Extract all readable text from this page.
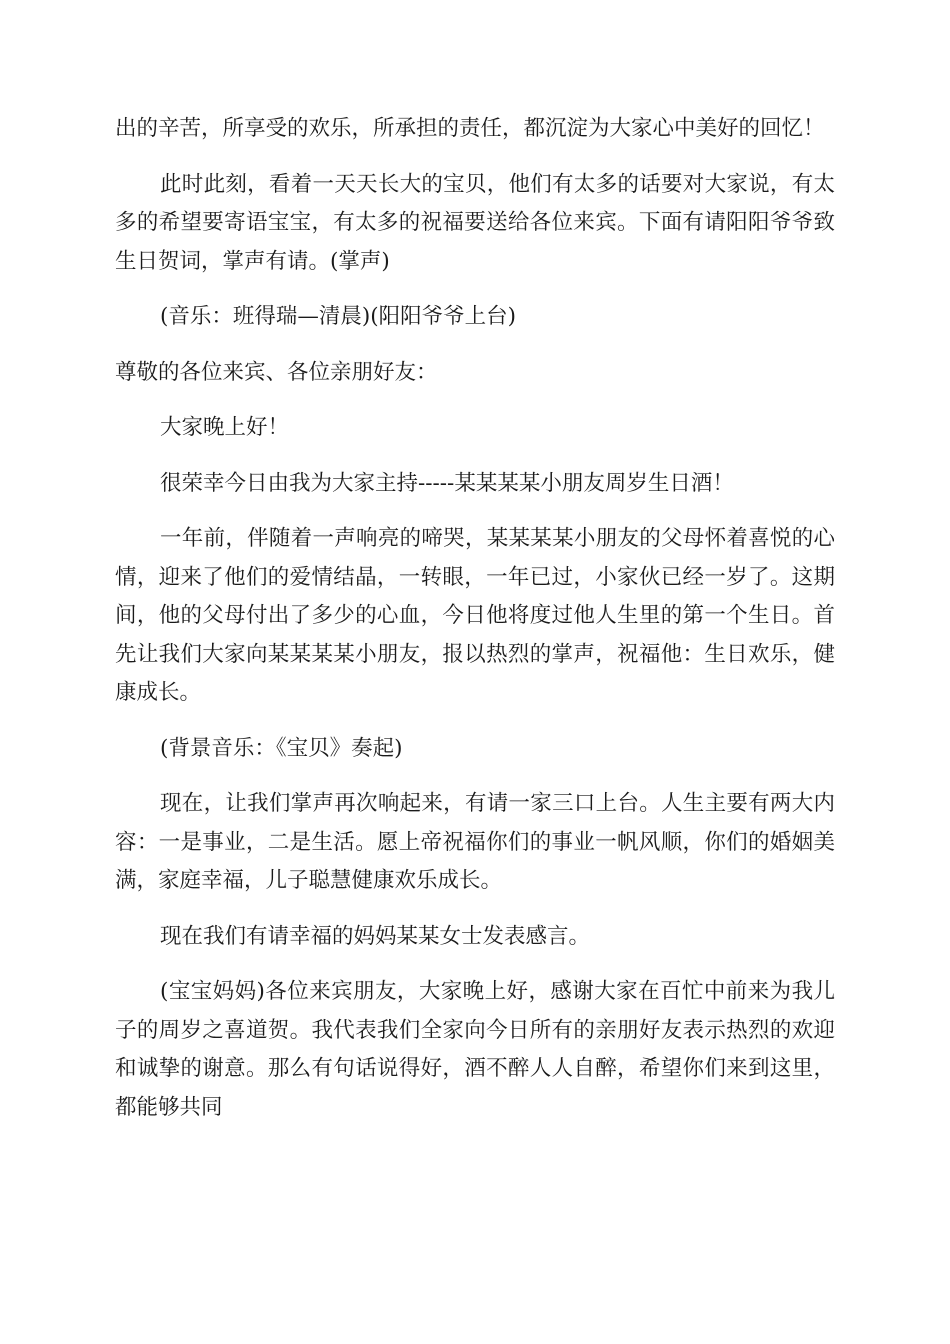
出的辛苦，所享受的欢乐，所承担的责任，都沉淀为大家心中美好的回忆！

此时此刻，看着一天天长大的宝贝，他们有太多的话要对大家说，有太多的希望要寄语宝宝，有太多的祝福要送给各位来宾。下面有请阳阳爷爷致生日贺词，掌声有请。(掌声)

(音乐：班得瑞—清晨)(阳阳爷爷上台)

尊敬的各位来宾、各位亲朋好友：

大家晚上好！

很荣幸今日由我为大家主持-----某某某某小朋友周岁生日酒！

一年前，伴随着一声响亮的啼哭，某某某某小朋友的父母怀着喜悦的心情，迎来了他们的爱情结晶，一转眼，一年已过，小家伙已经一岁了。这期间，他的父母付出了多少的心血，今日他将度过他人生里的第一个生日。首先让我们大家向某某某某小朋友，报以热烈的掌声，祝福他：生日欢乐，健康成长。

(背景音乐：《宝贝》奏起)

现在，让我们掌声再次响起来，有请一家三口上台。人生主要有两大内容：一是事业，二是生活。愿上帝祝福你们的事业一帆风顺，你们的婚姻美满，家庭幸福，儿子聪慧健康欢乐成长。

现在我们有请幸福的妈妈某某女士发表感言。

(宝宝妈妈)各位来宾朋友，大家晚上好，感谢大家在百忙中前来为我儿子的周岁之喜道贺。我代表我们全家向今日所有的亲朋好友表示热烈的欢迎和诚挚的谢意。那么有句话说得好，酒不醉人人自醉，希望你们来到这里，都能够共同
